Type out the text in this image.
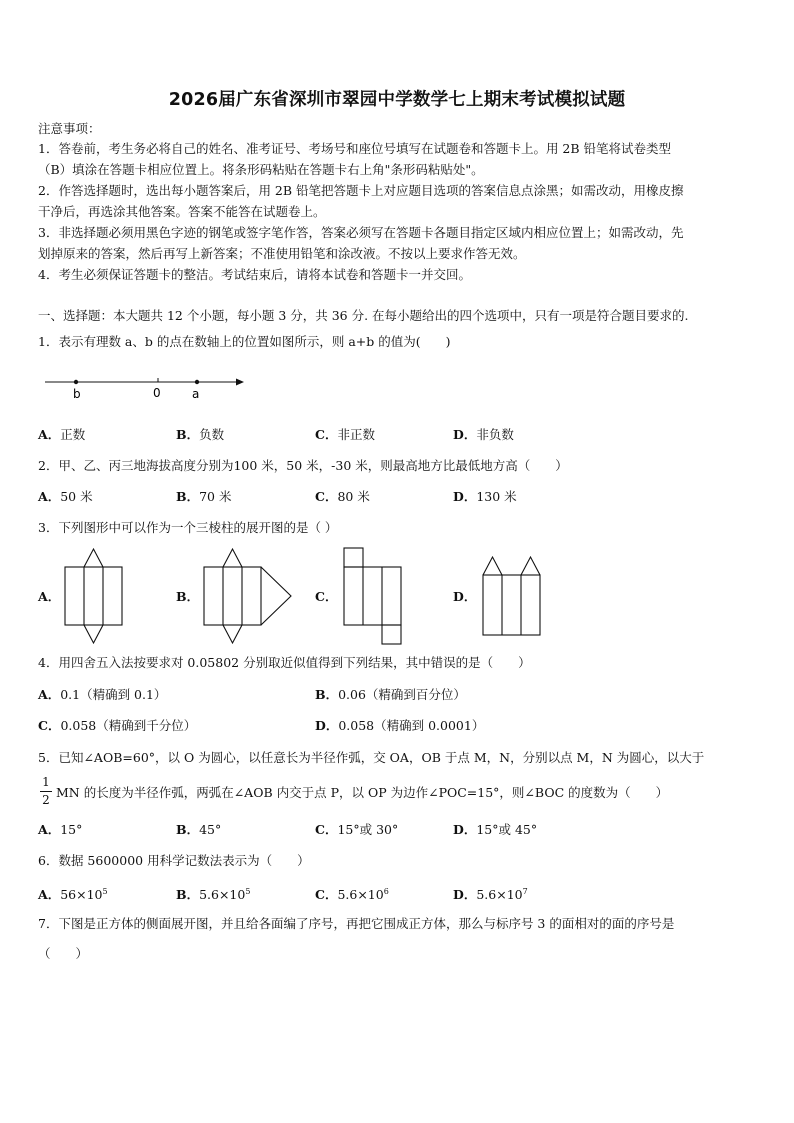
2026届广东省深圳市翠园中学数学七上期末考试模拟试题
注意事项：
1．答卷前，考生务必将自己的姓名、准考证号、考场号和座位号填写在试题卷和答题卡上。用 2B 铅笔将试卷类型
（B）填涂在答题卡相应位置上。将条形码粘贴在答题卡右上角"条形码粘贴处"。
2．作答选择题时，选出每小题答案后，用 2B 铅笔把答题卡上对应题目选项的答案信息点涂黑；如需改动，用橡皮擦
干净后，再选涂其他答案。答案不能答在试题卷上。
3．非选择题必须用黑色字迹的钢笔或签字笔作答，答案必须写在答题卡各题目指定区域内相应位置上；如需改动，先
划掉原来的答案，然后再写上新答案；不准使用铅笔和涂改液。不按以上要求作答无效。
4．考生必须保证答题卡的整洁。考试结束后，请将本试卷和答题卡一并交回。
一、选择题：本大题共 12 个小题，每小题 3 分，共 36 分. 在每小题给出的四个选项中，只有一项是符合题目要求的.
1．表示有理数 a、b 的点在数轴上的位置如图所示，则 a+b 的值为(　　)
b	0	a
A．正数	B．负数	C．非正数	D．非负数
2．甲、乙、丙三地海拔高度分别为100 米，50 米，-30 米，则最高地方比最低地方高（　　）
A．50 米	B．70 米	C．80 米	D．130 米
3．下列图形中可以作为一个三棱柱的展开图的是（ ）
A．	B．	C．	D．
4．用四舍五入法按要求对 0.05802 分别取近似值得到下列结果，其中错误的是（　　）
A．0.1（精确到 0.1）	B．0.06（精确到百分位）
C．0.058（精确到千分位）	D．0.058（精确到 0.0001）
5．已知∠AOB=60°，以 O 为圆心，以任意长为半径作弧，交 OA，OB 于点 M，N，分别以点 M，N 为圆心，以大于
1
2 MN 的长度为半径作弧，两弧在∠AOB 内交于点 P，以 OP 为边作∠POC=15°，则∠BOC 的度数为（　　）
A．15°	B．45°	C．15°或 30°	D．15°或 45°
6．数据 5600000 用科学记数法表示为（　　）
A．$56\times 10^5$	B．$5.6\times 10^5$	C．$5.6\times 10^6$	D．$5.6\times 10^7$
7．下图是正方体的侧面展开图，并且给各面编了序号，再把它围成正方体，那么与标序号 3 的面相对的面的序号是
（　　）
